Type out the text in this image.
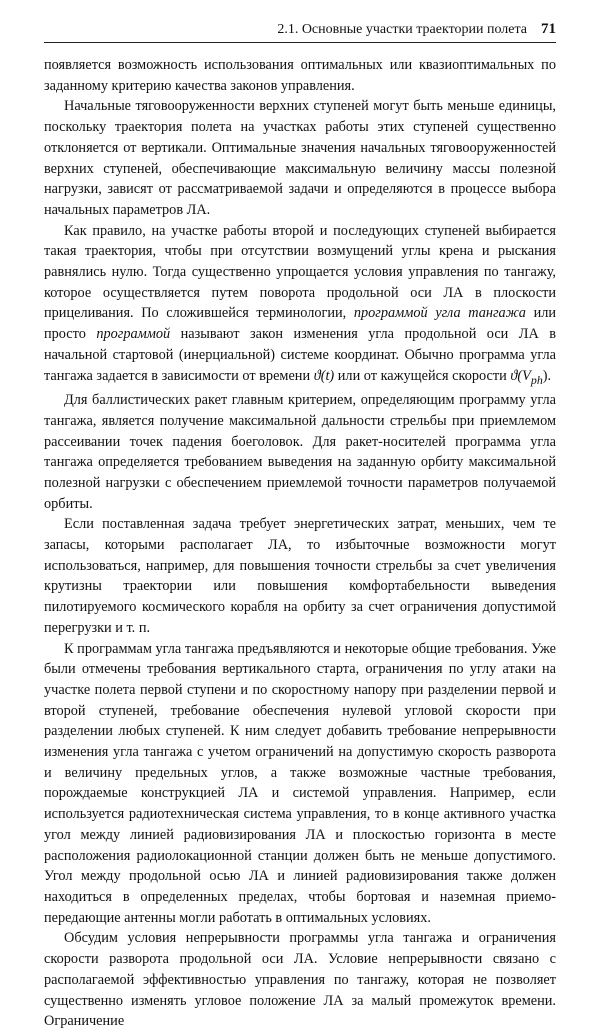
2.1. Основные участки траектории полета 71

появляется возможность использования оптимальных или квазиоптимальных по заданному критерию качества законов управления.

Начальные тяговооруженности верхних ступеней могут быть меньше единицы, поскольку траектория полета на участках работы этих ступеней существенно отклоняется от вертикали. Оптимальные значения начальных тяговооруженностей верхних ступеней, обеспечивающие максимальную величину массы полезной нагрузки, зависят от рассматриваемой задачи и определяются в процессе выбора начальных параметров ЛА.

Как правило, на участке работы второй и последующих ступеней выбирается такая траектория, чтобы при отсутствии возмущений углы крена и рыскания равнялись нулю. Тогда существенно упрощается условия управления по тангажу, которое осуществляется путем поворота продольной оси ЛА в плоскости прицеливания. По сложившейся терминологии, программой угла тангажа или просто программой называют закон изменения угла продольной оси ЛА в начальной стартовой (инерциальной) системе координат. Обычно программа угла тангажа задается в зависимости от времени ϑ(t) или от кажущейся скорости $ϑ(V_{ph})$.

Для баллистических ракет главным критерием, определяющим программу угла тангажа, является получение максимальной дальности стрельбы при приемлемом рассеивании точек падения боеголовок. Для ракет-носителей программа угла тангажа определяется требованием выведения на заданную орбиту максимальной полезной нагрузки с обеспечением приемлемой точности параметров получаемой орбиты.

Если поставленная задача требует энергетических затрат, меньших, чем те запасы, которыми располагает ЛА, то избыточные возможности могут использоваться, например, для повышения точности стрельбы за счет увеличения крутизны траектории или повышения комфортабельности выведения пилотируемого космического корабля на орбиту за счет ограничения допустимой перегрузки и т. п.

К программам угла тангажа предъявляются и некоторые общие требования. Уже были отмечены требования вертикального старта, ограничения по углу атаки на участке полета первой ступени и по скоростному напору при разделении первой и второй ступеней, требование обеспечения нулевой угловой скорости при разделении любых ступеней. К ним следует добавить требование непрерывности изменения угла тангажа с учетом ограничений на допустимую скорость разворота и величину предельных углов, а также возможные частные требования, порождаемые конструкцией ЛА и системой управления. Например, если используется радиотехническая система управления, то в конце активного участка угол между линией радиовизирования ЛА и плоскостью горизонта в месте расположения радиолокационной станции должен быть не меньше допустимого. Угол между продольной осью ЛА и линией радиовизирования также должен находиться в определенных пределах, чтобы бортовая и наземная приемо-передающие антенны могли работать в оптимальных условиях.

Обсудим условия непрерывности программы угла тангажа и ограничения скорости разворота продольной оси ЛА. Условие непрерывности связано с располагаемой эффективностью управления по тангажу, которая не позволяет существенно изменять угловое положение ЛА за малый промежуток времени. Ограничение
